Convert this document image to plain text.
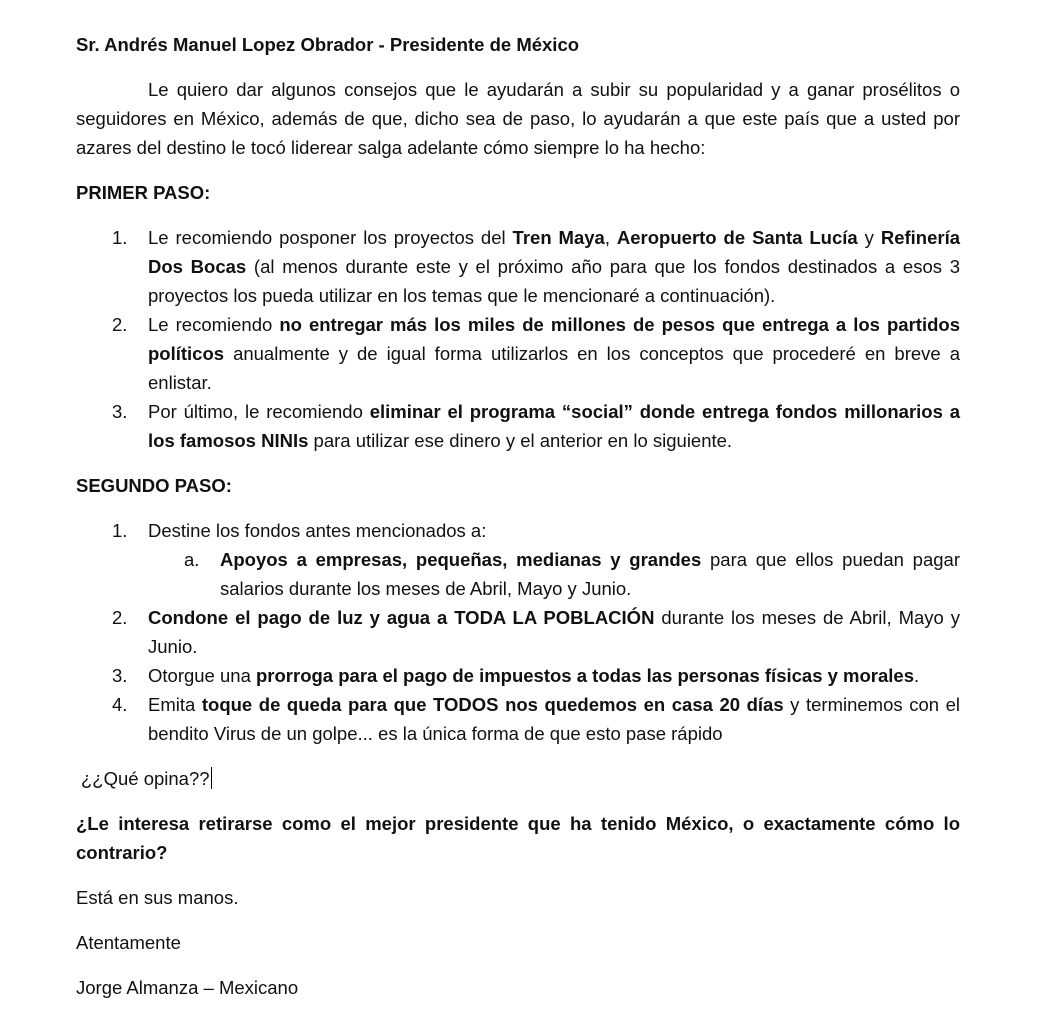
Sr. Andrés Manuel Lopez Obrador - Presidente de México

Le quiero dar algunos consejos que le ayudarán a subir su popularidad y a ganar prosélitos o seguidores en México, además de que, dicho sea de paso, lo ayudarán a que este país que a usted por azares del destino le tocó liderear salga adelante cómo siempre lo ha hecho:

PRIMER PASO:

1. Le recomiendo posponer los proyectos del Tren Maya, Aeropuerto de Santa Lucía y Refinería Dos Bocas (al menos durante este y el próximo año para que los fondos destinados a esos 3 proyectos los pueda utilizar en los temas que le mencionaré a continuación).
2. Le recomiendo no entregar más los miles de millones de pesos que entrega a los partidos políticos anualmente y de igual forma utilizarlos en los conceptos que procederé en breve a enlistar.
3. Por último, le recomiendo eliminar el programa “social” donde entrega fondos millonarios a los famosos NINIs para utilizar ese dinero y el anterior en lo siguiente.

SEGUNDO PASO:

1. Destine los fondos antes mencionados a:
a. Apoyos a empresas, pequeñas, medianas y grandes para que ellos puedan pagar salarios durante los meses de Abril, Mayo y Junio.
2. Condone el pago de luz y agua a TODA LA POBLACIÓN durante los meses de Abril, Mayo y Junio.
3. Otorgue una prorroga para el pago de impuestos a todas las personas físicas y morales.
4. Emita toque de queda para que TODOS nos quedemos en casa 20 días y terminemos con el bendito Virus de un golpe... es la única forma de que esto pase rápido

¿¿Qué opina??

¿Le interesa retirarse como el mejor presidente que ha tenido México, o exactamente cómo lo contrario?

Está en sus manos.

Atentamente

Jorge Almanza – Mexicano
